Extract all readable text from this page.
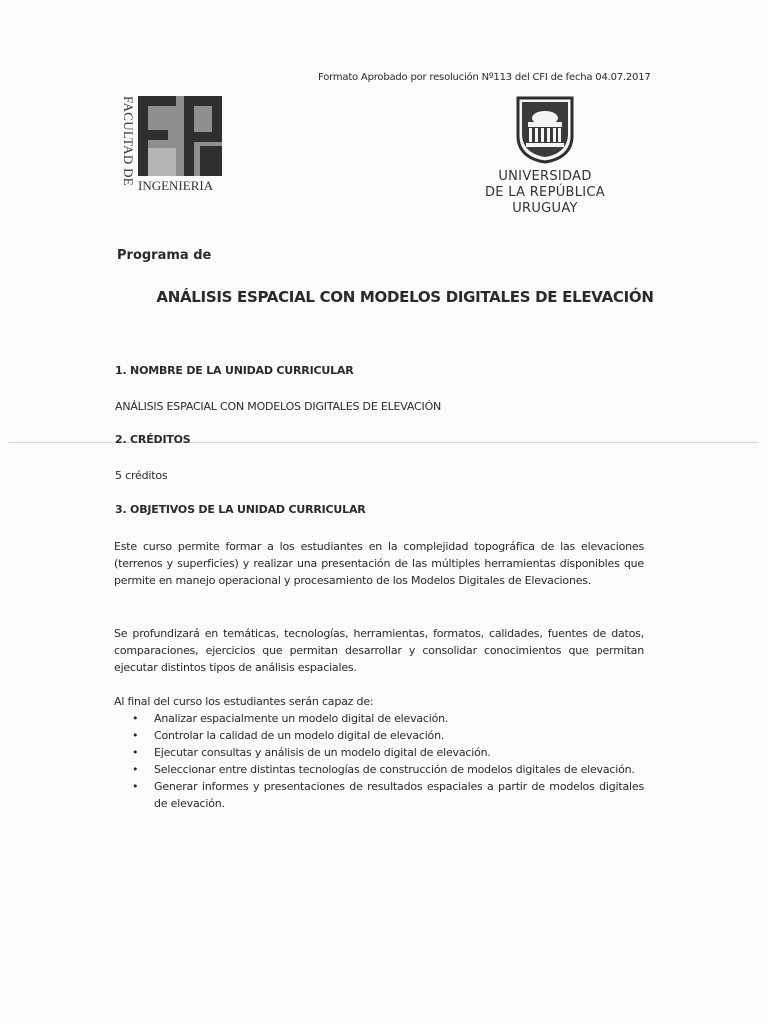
Formato Aprobado por resolución Nº113 del CFI de fecha 04.07.2017
FACULTAD DE INGENIERIA
UNIVERSIDAD
DE LA REPÚBLICA
URUGUAY
Programa de
ANÁLISIS ESPACIAL CON MODELOS DIGITALES DE ELEVACIÓN
1. NOMBRE DE LA UNIDAD CURRICULAR
ANÁLISIS ESPACIAL CON MODELOS DIGITALES DE ELEVACIÓN
2. CRÉDITOS
5 créditos
3. OBJETIVOS DE LA UNIDAD CURRICULAR

Este curso permite formar a los estudiantes en la complejidad topográfica de las elevaciones (terrenos y superficies) y realizar una presentación de las múltiples herramientas disponibles que permite en manejo operacional y procesamiento de los Modelos Digitales de Elevaciones.

Se profundizará en temáticas, tecnologías, herramientas, formatos, calidades, fuentes de datos, comparaciones, ejercicios que permitan desarrollar y consolidar conocimientos que permitan ejecutar distintos tipos de análisis espaciales.

Al final del curso los estudiantes serán capaz de:

• Analizar espacialmente un modelo digital de elevación.
• Controlar la calidad de un modelo digital de elevación.
• Ejecutar consultas y análisis de un modelo digital de elevación.
• Seleccionar entre distintas tecnologías de construcción de modelos digitales de elevación.
• Generar informes y presentaciones de resultados espaciales a partir de modelos digitales de elevación.
